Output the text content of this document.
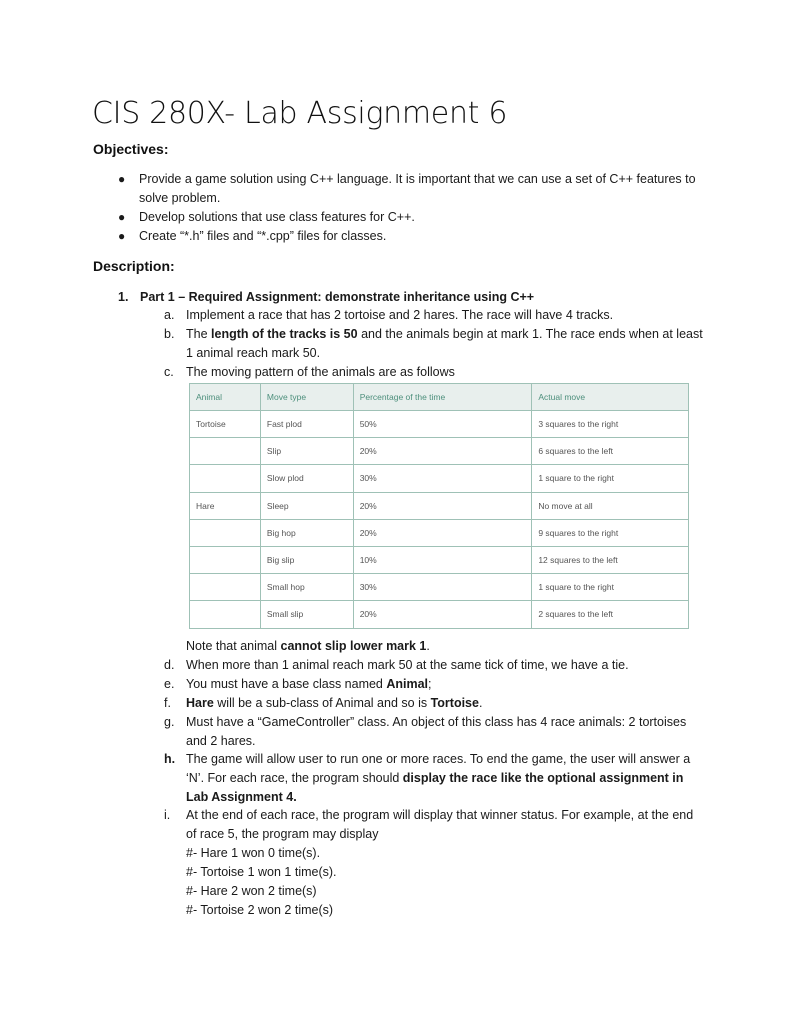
CIS 280X- Lab Assignment 6
Objectives:
● Provide a game solution using C++ language. It is important that we can use a set of C++ features to solve problem.
● Develop solutions that use class features for C++.
● Create “*.h” files and “*.cpp” files for classes.
Description:
1. Part 1 – Required Assignment: demonstrate inheritance using C++
a. Implement a race that has 2 tortoise and 2 hares. The race will have 4 tracks.
b. The length of the tracks is 50 and the animals begin at mark 1. The race ends when at least 1 animal reach mark 50.
c. The moving pattern of the animals are as follows
Animal	Move type	Percentage of the time	Actual move
Tortoise	Fast plod	50%	3 squares to the right
	Slip	20%	6 squares to the left
	Slow plod	30%	1 square to the right
Hare	Sleep	20%	No move at all
	Big hop	20%	9 squares to the right
	Big slip	10%	12 squares to the left
	Small hop	30%	1 square to the right
	Small slip	20%	2 squares to the left
Note that animal cannot slip lower mark 1.
d. When more than 1 animal reach mark 50 at the same tick of time, we have a tie.
e. You must have a base class named Animal;
f.	Hare will be a sub-class of Animal and so is Tortoise.
g. Must have a “GameController” class. An object of this class has 4 race animals: 2 tortoises and 2 hares.
h. The game will allow user to run one or more races. To end the game, the user will answer a ‘N’. For each race, the program should display the race like the optional assignment in Lab Assignment 4.
i.	At the end of each race, the program will display that winner status. For example, at the end of race 5, the program may display
#- Hare 1 won 0 time(s).
#- Tortoise 1 won 1 time(s).
#- Hare 2 won 2 time(s)
#- Tortoise 2 won 2 time(s)
